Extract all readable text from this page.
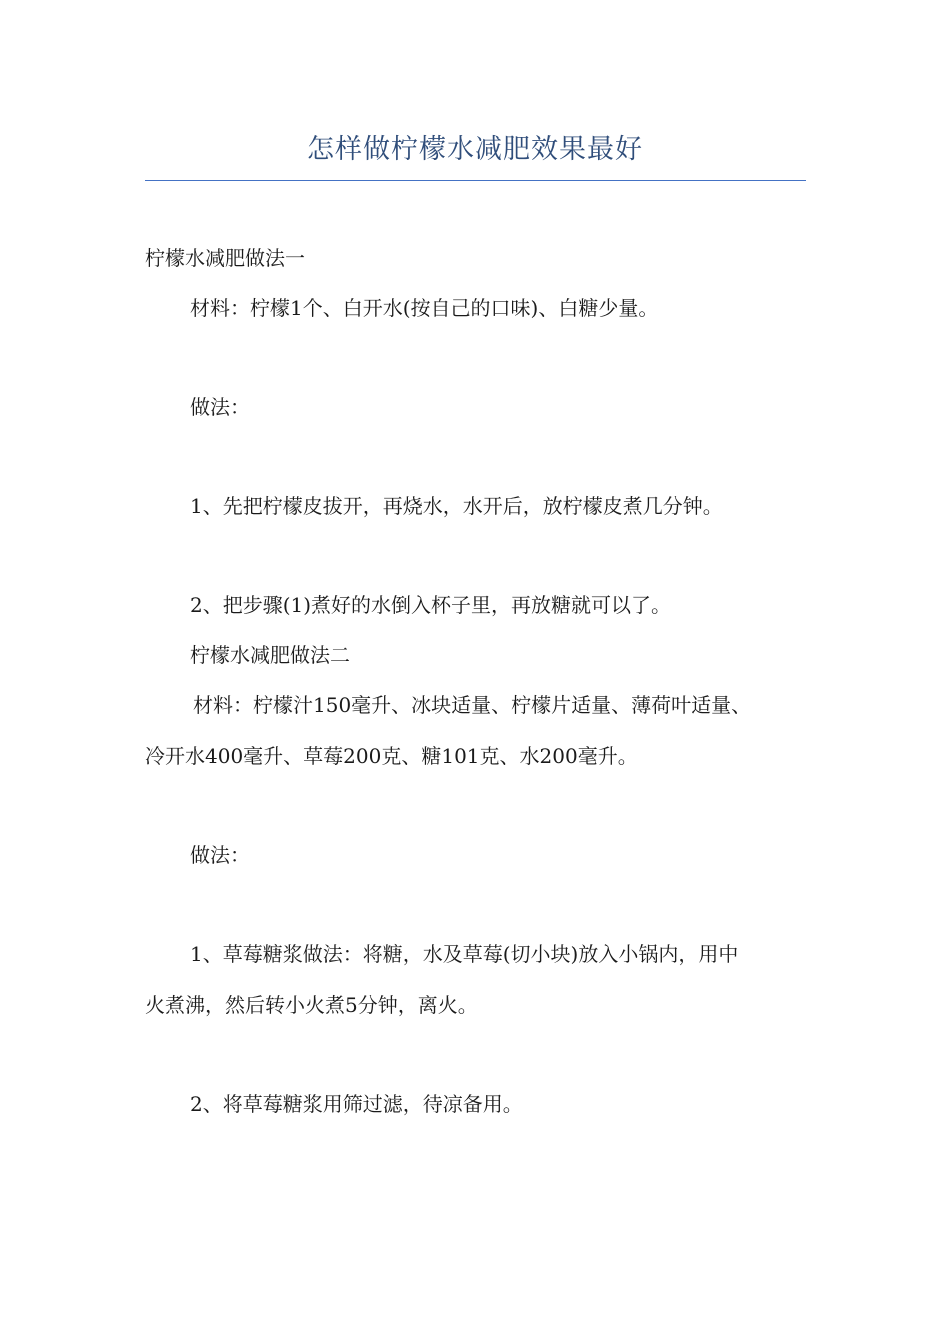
怎样做柠檬水减肥效果最好

柠檬水减肥做法一

材料：柠檬1个、白开水(按自己的口味)、白糖少量。

做法：

1、先把柠檬皮拔开，再烧水，水开后，放柠檬皮煮几分钟。

2、把步骤(1)煮好的水倒入杯子里，再放糖就可以了。

柠檬水减肥做法二

材料：柠檬汁150毫升、冰块适量、柠檬片适量、薄荷叶适量、

冷开水400毫升、草莓200克、糖101克、水200毫升。

做法：

1、草莓糖浆做法：将糖，水及草莓(切小块)放入小锅内，用中

火煮沸，然后转小火煮5分钟，离火。

2、将草莓糖浆用筛过滤，待凉备用。
